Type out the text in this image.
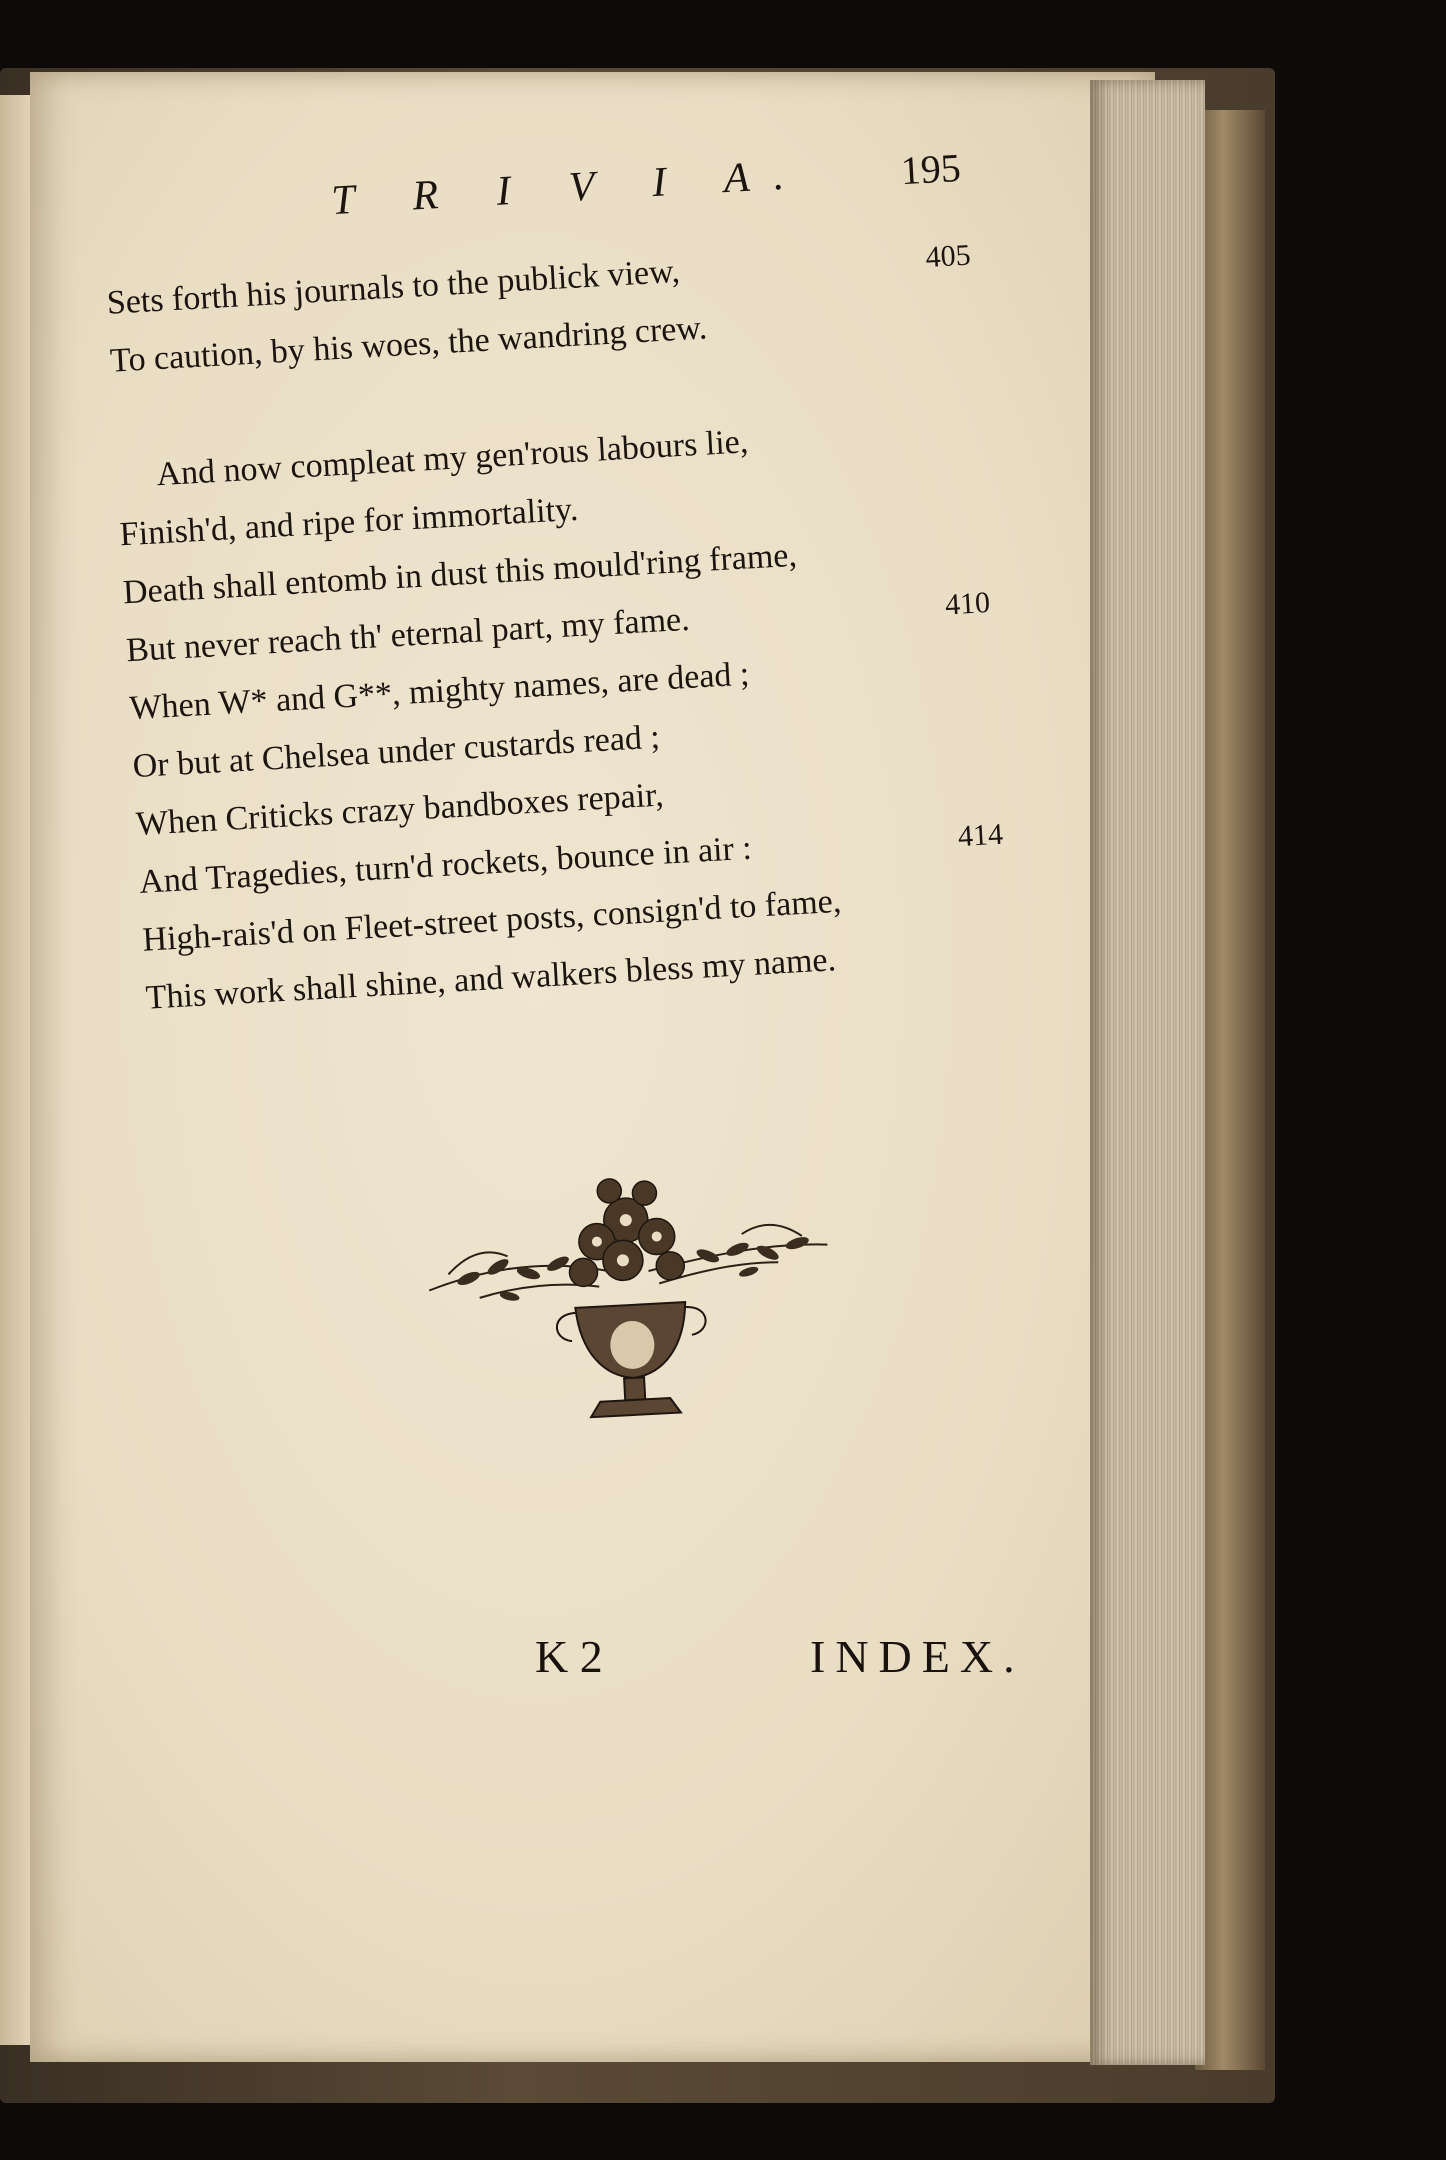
T R I V I A. 195
Sets forth his journals to the publick view,	405
To caution, by his woes, the wandring crew.
And now compleat my gen'rous labours lie,
Finish'd, and ripe for immortality.
Death shall entomb in dust this mould'ring frame,
But never reach th' eternal part, my fame.	410
When W* and G**, mighty names, are dead ;
Or but at Chelsea under custards read ;
When Criticks crazy bandboxes repair,
And Tragedies, turn'd rockets, bounce in air :	414
High-rais'd on Fleet-street posts, consign'd to fame,
This work shall shine, and walkers bless my name.
K 2	INDEX.
